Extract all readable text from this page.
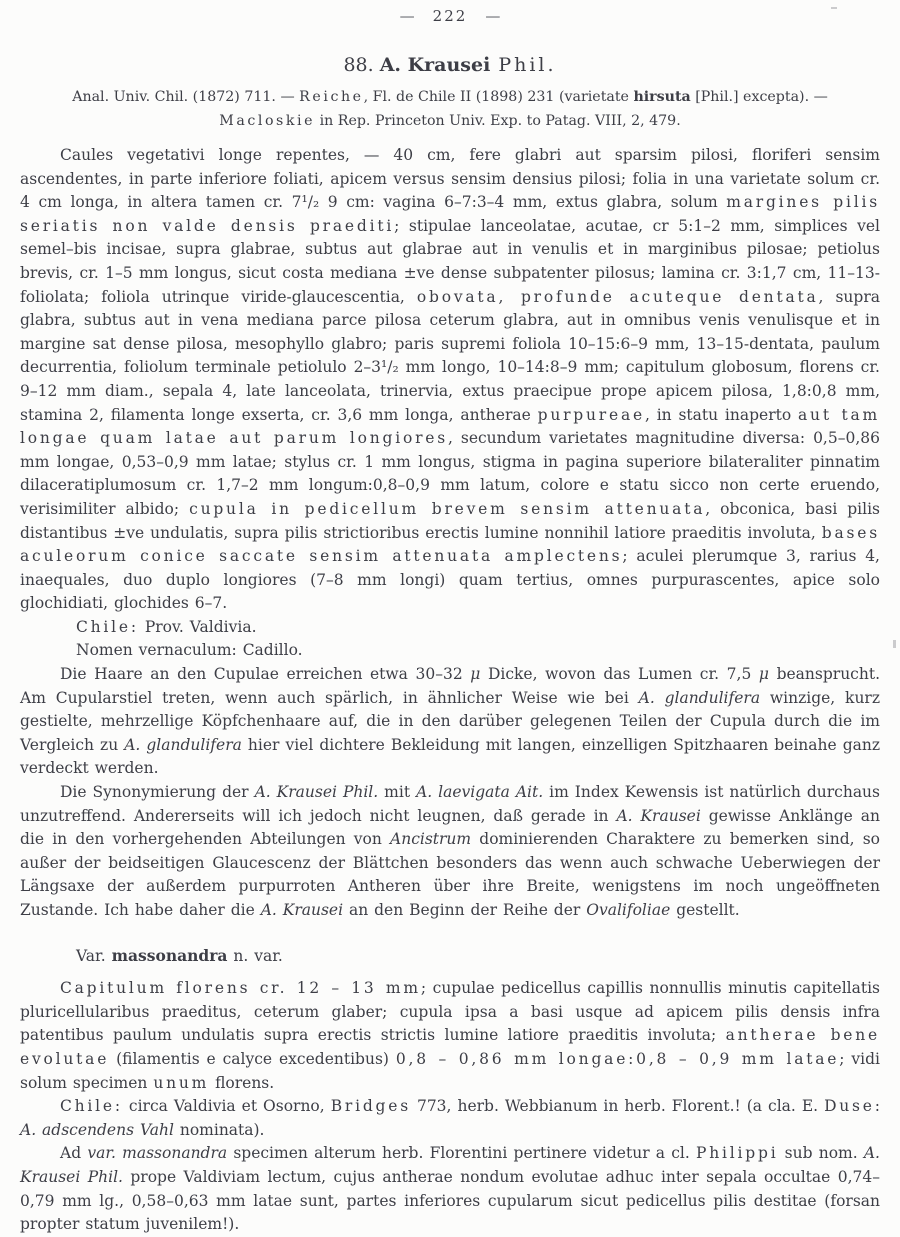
— 222 —
88. A. Krausei Phil.
Anal. Univ. Chil. (1872) 711. — Reiche, Fl. de Chile II (1898) 231 (varietate hirsuta [Phil.] excepta). —
Macloskie in Rep. Princeton Univ. Exp. to Patag. VIII, 2, 479.

Caules vegetativi longe repentes, — 40 cm, fere glabri aut sparsim pilosi, floriferi sensim ascendentes, in parte inferiore foliati, apicem versus sensim densius pilosi; folia in una varietate solum cr. 4 cm longa, in altera tamen cr. 7¹/₂ 9 cm: vagina 6–7:3–4 mm, extus glabra, solum margines pilis seriatis non valde densis praediti; stipulae lanceolatae, acutae, cr 5:1–2 mm, simplices vel semel–bis incisae, supra glabrae, subtus aut glabrae aut in venulis et in marginibus pilosae; petiolus brevis, cr. 1–5 mm longus, sicut costa mediana ±ve dense subpatenter pilosus; lamina cr. 3:1,7 cm, 11–13-foliolata; foliola utrinque viride-glaucescentia, obovata, profunde acuteque dentata, supra glabra, subtus aut in vena mediana parce pilosa ceterum glabra, aut in omnibus venis venulisque et in margine sat dense pilosa, mesophyllo glabro; paris supremi foliola 10–15:6–9 mm, 13–15-dentata, paulum decurrentia, foliolum terminale petiolulo 2–3¹/₂ mm longo, 10–14:8–9 mm; capitulum globosum, florens cr. 9–12 mm diam., sepala 4, late lanceolata, trinervia, extus praecipue prope apicem pilosa, 1,8:0,8 mm, stamina 2, filamenta longe exserta, cr. 3,6 mm longa, antherae purpureae, in statu inaperto aut tam longae quam latae aut parum longiores, secundum varietates magnitudine diversa: 0,5–0,86 mm longae, 0,53–0,9 mm latae; stylus cr. 1 mm longus, stigma in pagina superiore bilateraliter pinnatim dilaceratiplumosum cr. 1,7–2 mm longum:0,8–0,9 mm latum, colore e statu sicco non certe eruendo, verisimiliter albido; cupula in pedicellum brevem sensim attenuata, obconica, basi pilis distantibus ±ve undulatis, supra pilis strictioribus erectis lumine nonnihil latiore praeditis involuta, bases aculeorum conice saccate sensim attenuata amplectens; aculei plerumque 3, rarius 4, inaequales, duo duplo longiores (7–8 mm longi) quam tertius, omnes purpurascentes, apice solo glochidiati, glochides 6–7.

Chile: Prov. Valdivia.

Nomen vernaculum: Cadillo.

Die Haare an den Cupulae erreichen etwa 30–32 μ Dicke, wovon das Lumen cr. 7,5 μ beansprucht. Am Cupularstiel treten, wenn auch spärlich, in ähnlicher Weise wie bei A. glandulifera winzige, kurz gestielte, mehrzellige Köpfchenhaare auf, die in den darüber gelegenen Teilen der Cupula durch die im Vergleich zu A. glandulifera hier viel dichtere Bekleidung mit langen, einzelligen Spitzhaaren beinahe ganz verdeckt werden.

Die Synonymierung der A. Krausei Phil. mit A. laevigata Ait. im Index Kewensis ist natürlich durchaus unzutreffend. Andererseits will ich jedoch nicht leugnen, daß gerade in A. Krausei gewisse Anklänge an die in den vorhergehenden Abteilungen von Ancistrum dominierenden Charaktere zu bemerken sind, so außer der beidseitigen Glaucescenz der Blättchen besonders das wenn auch schwache Ueberwiegen der Längsaxe der außerdem purpurroten Antheren über ihre Breite, wenigstens im noch ungeöffneten Zustande. Ich habe daher die A. Krausei an den Beginn der Reihe der Ovalifoliae gestellt.

Var. massonandra n. var.

Capitulum florens cr. 12 – 13 mm; cupulae pedicellus capillis nonnullis minutis capitellatis pluricellularibus praeditus, ceterum glaber; cupula ipsa a basi usque ad apicem pilis densis infra patentibus paulum undulatis supra erectis strictis lumine latiore praeditis involuta; antherae bene evolutae (filamentis e calyce excedentibus) 0,8 – 0,86 mm longae:0,8 – 0,9 mm latae; vidi solum specimen unum florens.

Chile: circa Valdivia et Osorno, Bridges 773, herb. Webbianum in herb. Florent.! (a cla. E. Duse: A. adscendens Vahl nominata).

Ad var. massonandra specimen alterum herb. Florentini pertinere videtur a cl. Philippi sub nom. A. Krausei Phil. prope Valdiviam lectum, cujus antherae nondum evolutae adhuc inter sepala occultae 0,74–0,79 mm lg., 0,58–0,63 mm latae sunt, partes inferiores cupularum sicut pedicellus pilis destitae (forsan propter statum juvenilem!).
